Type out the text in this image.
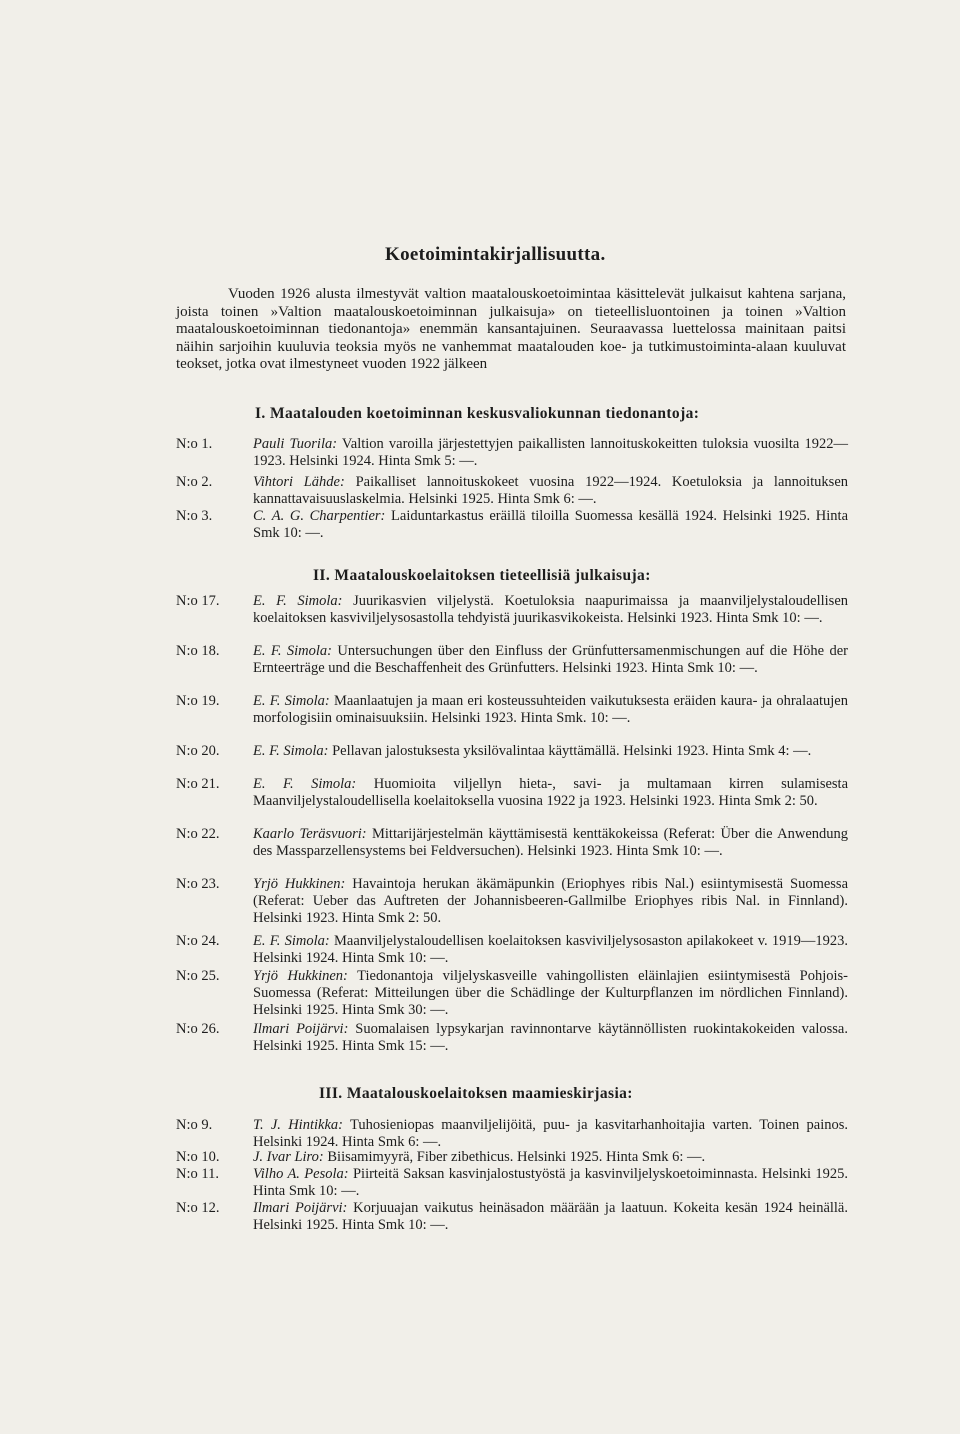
Koetoimintakirjallisuutta.
Vuoden 1926 alusta ilmestyvät valtion maatalouskoetoimintaa käsittelevät julkaisut kahtena sarjana, joista toinen »Valtion maatalouskoetoiminnan julkaisuja» on tieteellisluontoinen ja toinen »Valtion maatalouskoetoiminnan tiedonantoja» enemmän kansantajuinen. Seuraavassa luettelossa mainitaan paitsi näihin sarjoihin kuuluvia teoksia myös ne vanhemmat maatalouden koe- ja tutkimustoiminta-alaan kuuluvat teokset, jotka ovat ilmestyneet vuoden 1922 jälkeen
I. Maatalouden koetoiminnan keskusvaliokunnan tiedonantoja:
N:o 1.	Pauli Tuorila: Valtion varoilla järjestettyjen paikallisten lannoituskokeitten tuloksia vuosilta 1922—1923. Helsinki 1924. Hinta Smk 5: —.
N:o 2.	Vihtori Lähde: Paikalliset lannoituskokeet vuosina 1922—1924. Koetuloksia ja lannoituksen kannattavaisuuslaskelmia. Helsinki 1925. Hinta Smk 6: —.
N:o 3.	C. A. G. Charpentier: Laiduntarkastus eräillä tiloilla Suomessa kesällä 1924. Helsinki 1925. Hinta Smk 10: —.
II. Maatalouskoelaitoksen tieteellisiä julkaisuja:
N:o 17.	E. F. Simola: Juurikasvien viljelystä. Koetuloksia naapurimaissa ja maanviljelystaloudellisen koelaitoksen kasviviljelysosastolla tehdyistä juurikasvikokeista. Helsinki 1923. Hinta Smk 10: —.
N:o 18.	E. F. Simola: Untersuchungen über den Einfluss der Grünfuttersamenmischungen auf die Höhe der Ernteerträge und die Beschaffenheit des Grünfutters. Helsinki 1923. Hinta Smk 10: —.
N:o 19.	E. F. Simola: Maanlaatujen ja maan eri kosteussuhteiden vaikutuksesta eräiden kaura- ja ohralaatujen morfologisiin ominaisuuksiin. Helsinki 1923. Hinta Smk. 10: —.
N:o 20.	E. F. Simola: Pellavan jalostuksesta yksilövalintaa käyttämällä. Helsinki 1923. Hinta Smk 4: —.
N:o 21.	E. F. Simola: Huomioita viljellyn hieta-, savi- ja multamaan kirren sulamisesta Maanviljelystaloudellisella koelaitoksella vuosina 1922 ja 1923. Helsinki 1923. Hinta Smk 2: 50.
N:o 22.	Kaarlo Teräsvuori: Mittarijärjestelmän käyttämisestä kenttäkokeissa (Referat: Über die Anwendung des Massparzellensystems bei Feldversuchen). Helsinki 1923. Hinta Smk 10: —.
N:o 23.	Yrjö Hukkinen: Havaintoja herukan äkämäpunkin (Eriophyes ribis Nal.) esiintymisestä Suomessa (Referat: Ueber das Auftreten der Johannisbeeren-Gallmilbe Eriophyes ribis Nal. in Finnland). Helsinki 1923. Hinta Smk 2: 50.
N:o 24.	E. F. Simola: Maanviljelystaloudellisen koelaitoksen kasviviljelysosaston apilakokeet v. 1919—1923. Helsinki 1924. Hinta Smk 10: —.
N:o 25.	Yrjö Hukkinen: Tiedonantoja viljelyskasveille vahingollisten eläinlajien esiintymisestä Pohjois-Suomessa (Referat: Mitteilungen über die Schädlinge der Kulturpflanzen im nördlichen Finnland). Helsinki 1925. Hinta Smk 30: —.
N:o 26.	Ilmari Poijärvi: Suomalaisen lypsykarjan ravinnontarve käytännöllisten ruokintakokeiden valossa. Helsinki 1925. Hinta Smk 15: —.
III. Maatalouskoelaitoksen maamieskirjasia:
N:o 9.	T. J. Hintikka: Tuhosieniopas maanviljelijöitä, puu- ja kasvitarhanhoitajia varten. Toinen painos. Helsinki 1924. Hinta Smk 6: —.
N:o 10.	J. Ivar Liro: Biisamimyyrä, Fiber zibethicus. Helsinki 1925. Hinta Smk 6: —.
N:o 11.	Vilho A. Pesola: Piirteitä Saksan kasvinjalostustyöstä ja kasvinviljelyskoetoiminnasta. Helsinki 1925. Hinta Smk 10: —.
N:o 12.	Ilmari Poijärvi: Korjuuajan vaikutus heinäsadon määrään ja laatuun. Kokeita kesän 1924 heinällä. Helsinki 1925. Hinta Smk 10: —.
